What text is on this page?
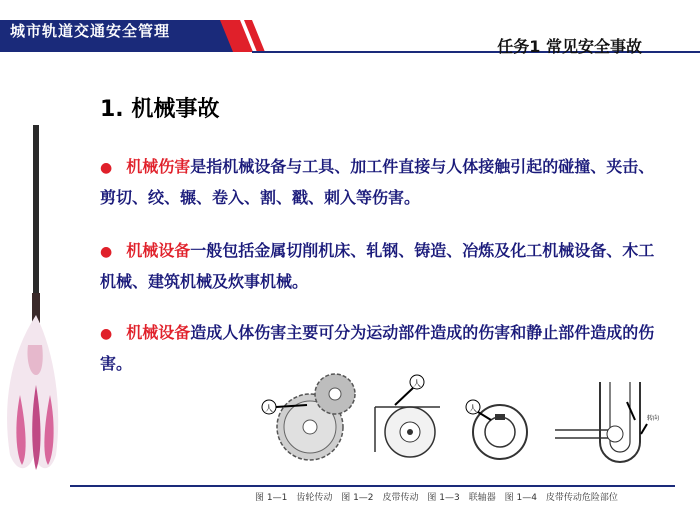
城市轨道交通安全管理
任务1 常见安全事故
1. 机械事故
● 机械伤害是指机械设备与工具、加工件直接与人体接触引起的碰撞、夹击、剪切、绞、辗、卷入、割、戳、刺入等伤害。
● 机械设备一般包括金属切削机床、轧钢、铸造、冶炼及化工机械设备、木工机械、建筑机械及炊事机械。
● 机械设备造成人体伤害主要可分为运动部件造成的伤害和静止部件造成的伤害。
人
人
人
转向
图 1—1　齿轮传动 图 1—2　皮带传动 图 1—3　联轴器 图 1—4　皮带传动危险部位
